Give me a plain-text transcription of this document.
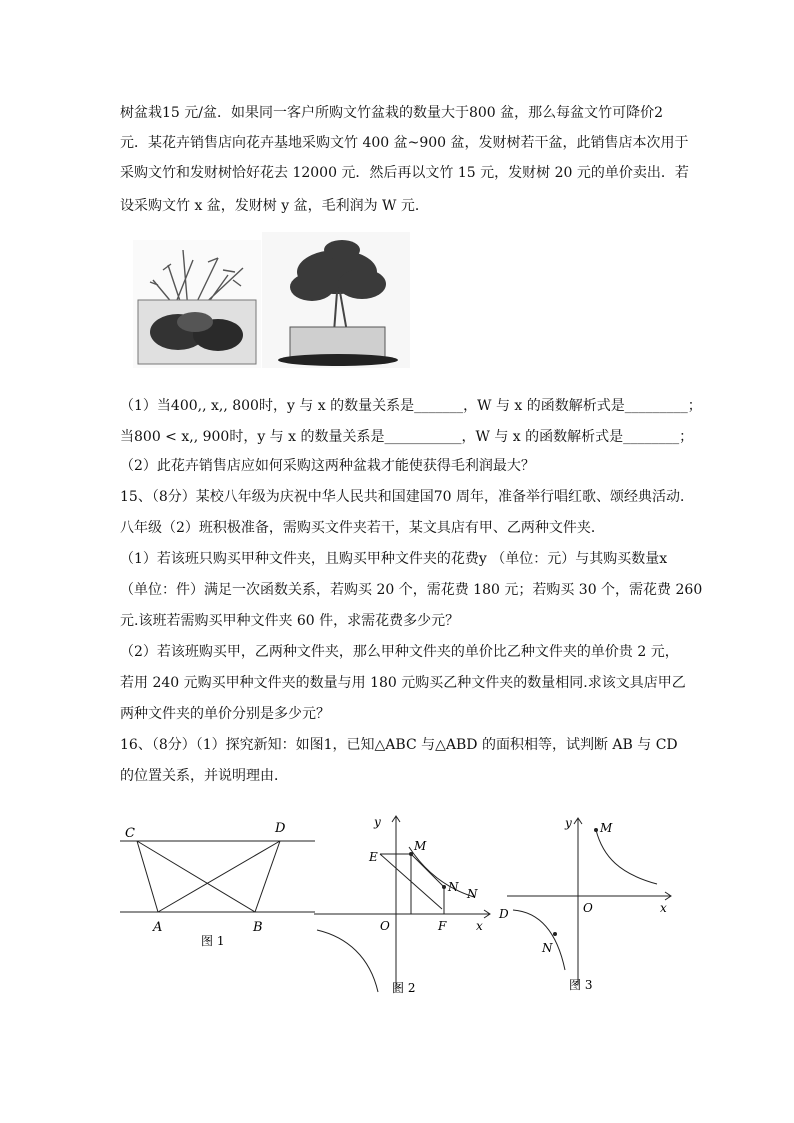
树盆栽15 元/盆．如果同一客户所购文竹盆栽的数量大于800 盆，那么每盆文竹可降价2
元．某花卉销售店向花卉基地采购文竹 400 盆~900 盆，发财树若干盆，此销售店本次用于
采购文竹和发财树恰好花去 12000 元．然后再以文竹 15 元，发财树 20 元的单价卖出．若
设采购文竹 x 盆，发财树 y 盆，毛利润为 W 元．
（1）当400,, x,, 800时，y 与 x 的数量关系是_______，W 与 x 的函数解析式是_________；
当800 < x,, 900时，y 与 x 的数量关系是___________，W 与 x 的函数解析式是________；
（2）此花卉销售店应如何采购这两种盆栽才能使获得毛利润最大？
15、（8分）某校八年级为庆祝中华人民共和国建国70 周年，准备举行唱红歌、颂经典活动．
八年级（2）班积极准备，需购买文件夹若干，某文具店有甲、乙两种文件夹．
（1）若该班只购买甲种文件夹，且购买甲种文件夹的花费y （单位：元）与其购买数量x
（单位：件）满足一次函数关系，若购买 20 个，需花费 180 元；若购买 30 个，需花费 260
元.该班若需购买甲种文件夹 60 件，求需花费多少元？
（2）若该班购买甲，乙两种文件夹，那么甲种文件夹的单价比乙种文件夹的单价贵 2 元，
若用 240 元购买甲种文件夹的数量与用 180 元购买乙种文件夹的数量相同.求该文具店甲乙
两种文件夹的单价分别是多少元？
16、（8分）（1）探究新知：如图1，已知△ABC 与△ABD 的面积相等，试判断 AB 与 CD
的位置关系，并说明理由．
C	D
A	B
图 1
y
E
M
N N
O	F x
图 2
y M
O	x
D
N
图 3
